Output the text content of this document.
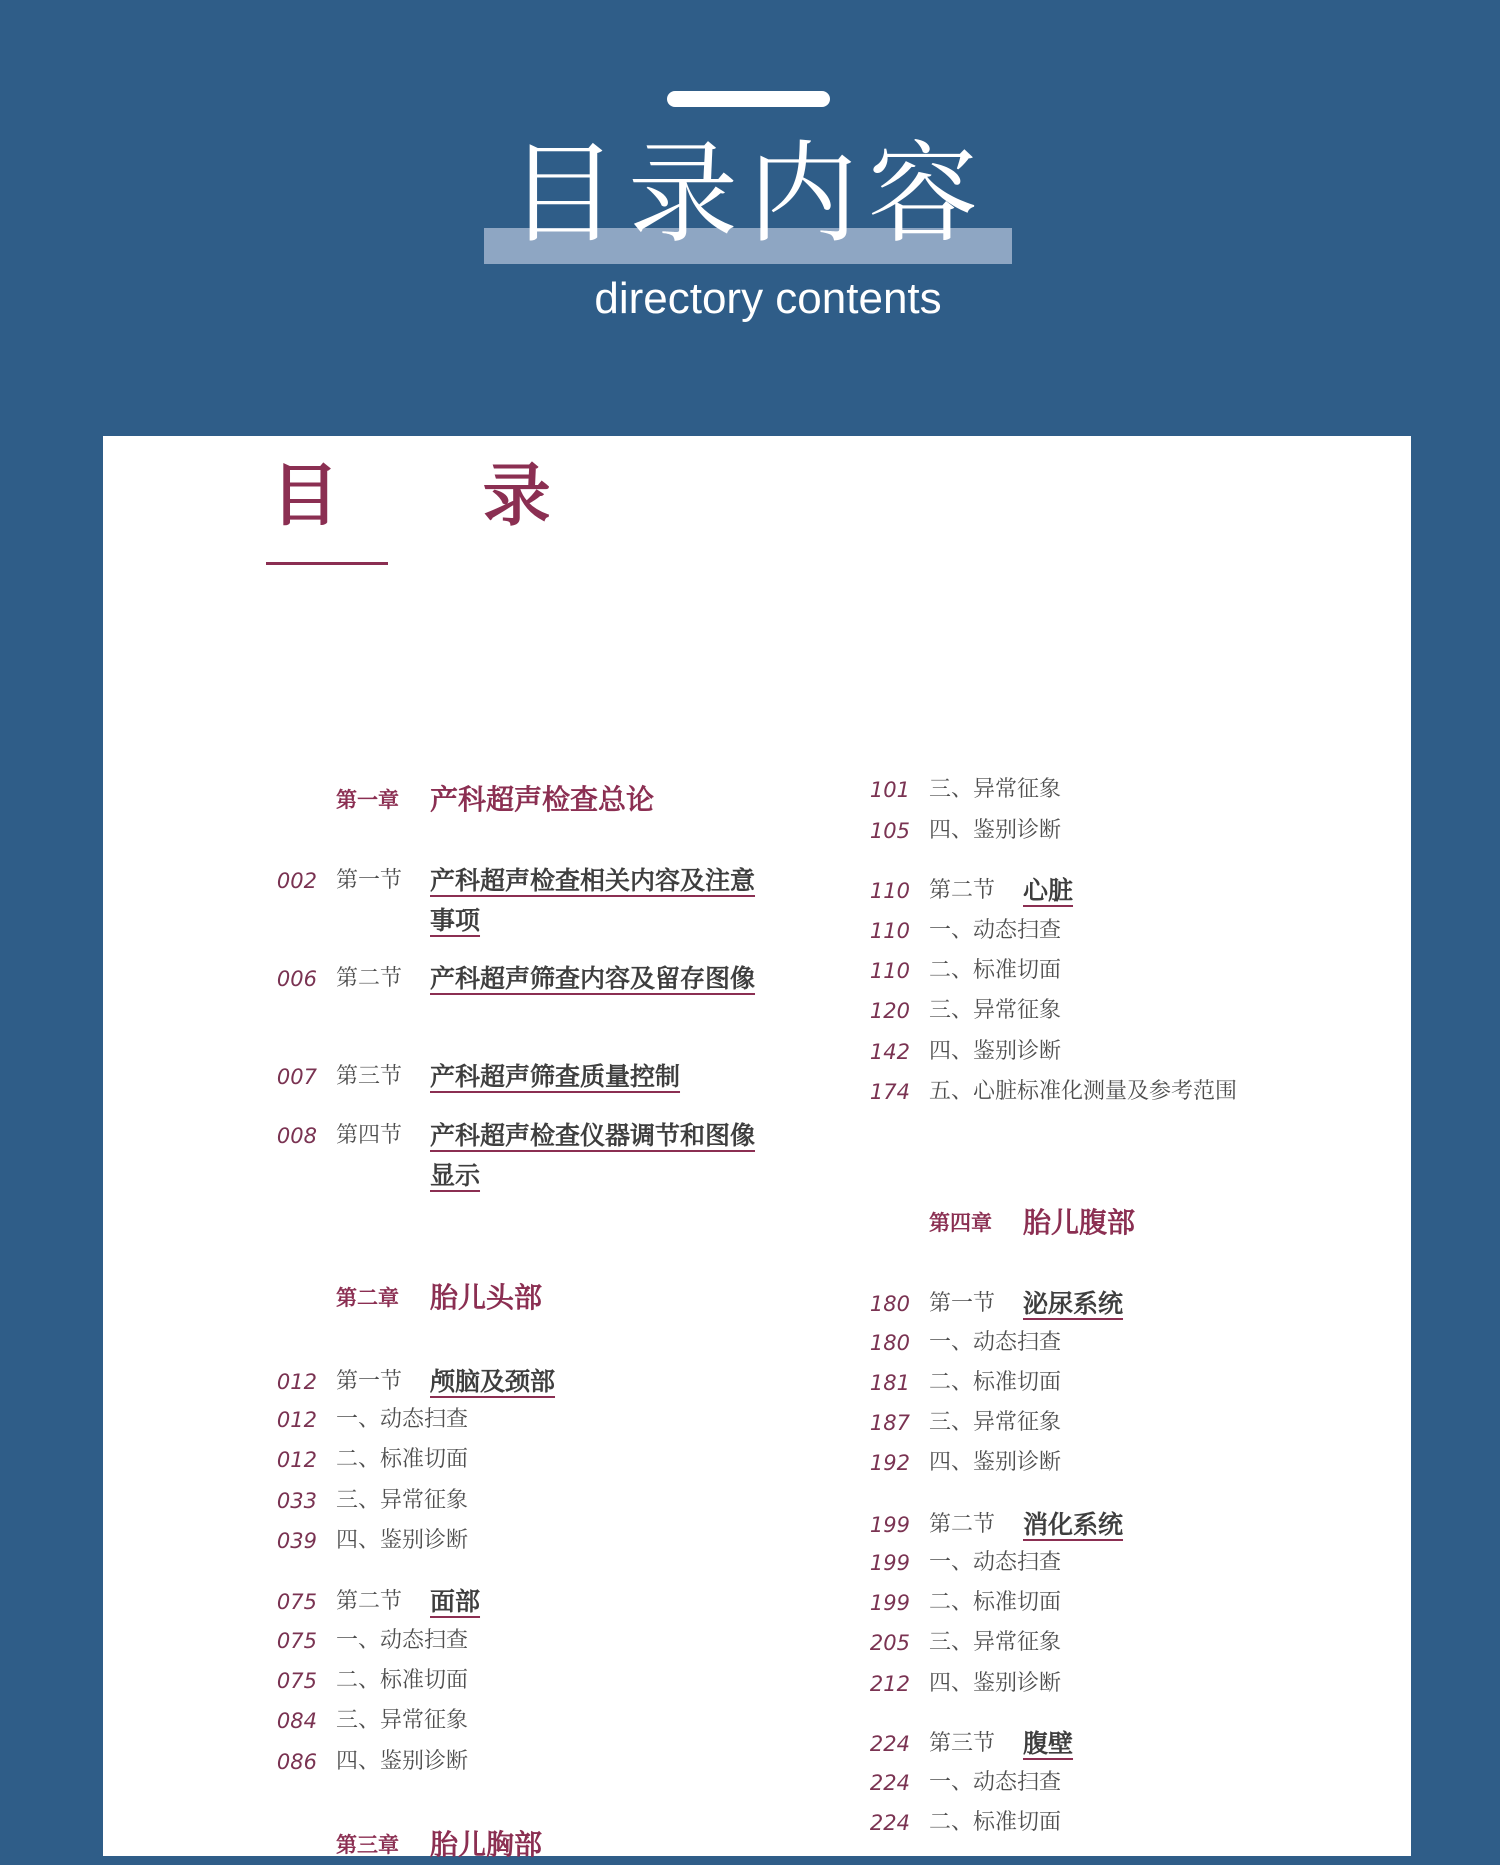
目录内容
directory contents
目 录
第一章 产科超声检查总论
002 第一节 产科超声检查相关内容及注意事项
006 第二节 产科超声筛查内容及留存图像
007 第三节 产科超声筛查质量控制
008 第四节 产科超声检查仪器调节和图像显示
第二章 胎儿头部
012 第一节 颅脑及颈部
012 一、动态扫查
012 二、标准切面
033 三、异常征象
039 四、鉴别诊断
075 第二节 面部
075 一、动态扫查
075 二、标准切面
084 三、异常征象
086 四、鉴别诊断
第三章 胎儿胸部
101 三、异常征象
105 四、鉴别诊断
110 第二节 心脏
110 一、动态扫查
110 二、标准切面
120 三、异常征象
142 四、鉴别诊断
174 五、心脏标准化测量及参考范围
第四章 胎儿腹部
180 第一节 泌尿系统
180 一、动态扫查
181 二、标准切面
187 三、异常征象
192 四、鉴别诊断
199 第二节 消化系统
199 一、动态扫查
199 二、标准切面
205 三、异常征象
212 四、鉴别诊断
224 第三节 腹壁
224 一、动态扫查
224 二、标准切面
